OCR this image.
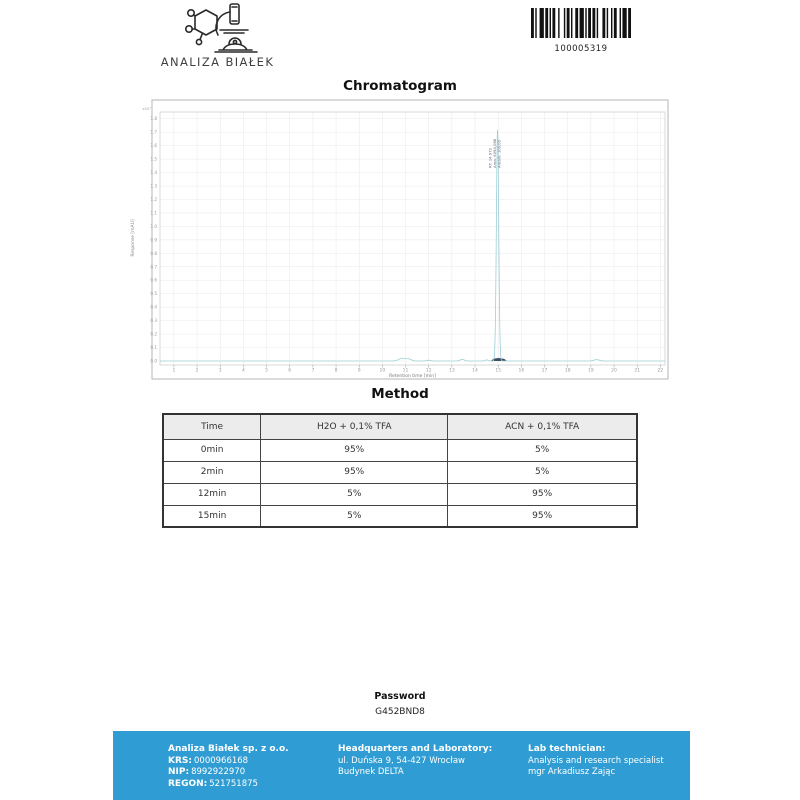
ANALIZA BIAŁEK
100005319
Chromatogram
1	2	3	4	5	6	7	8	9	10	11	12	13	14	15	16	17	18	19	20	21	22
Retention time [min]
0.0
0.1
0.2
0.3
0.4
0.5
0.6
0.7
0.8
0.9
1.0
1.1
1.2
1.3
1.4
1.5
1.6
1.7
1.8
x10⁷
Response [mAU]
RT: 14.972 Area: 6094,086 Area%: 100,00
Method
Time	H2O + 0,1% TFA	ACN + 0,1% TFA
0min	95%	5%
2min	95%	5%
12min	5%	95%
15min	5%	95%
Password
G452BND8
Analiza Białek sp. z o.o.
KRS: 0000966168
NIP: 8992922970
REGON: 521751875
Headquarters and Laboratory:
ul. Duńska 9, 54-427 Wrocław
Budynek DELTA
Lab technician:
Analysis and research specialist
mgr Arkadiusz Zając
